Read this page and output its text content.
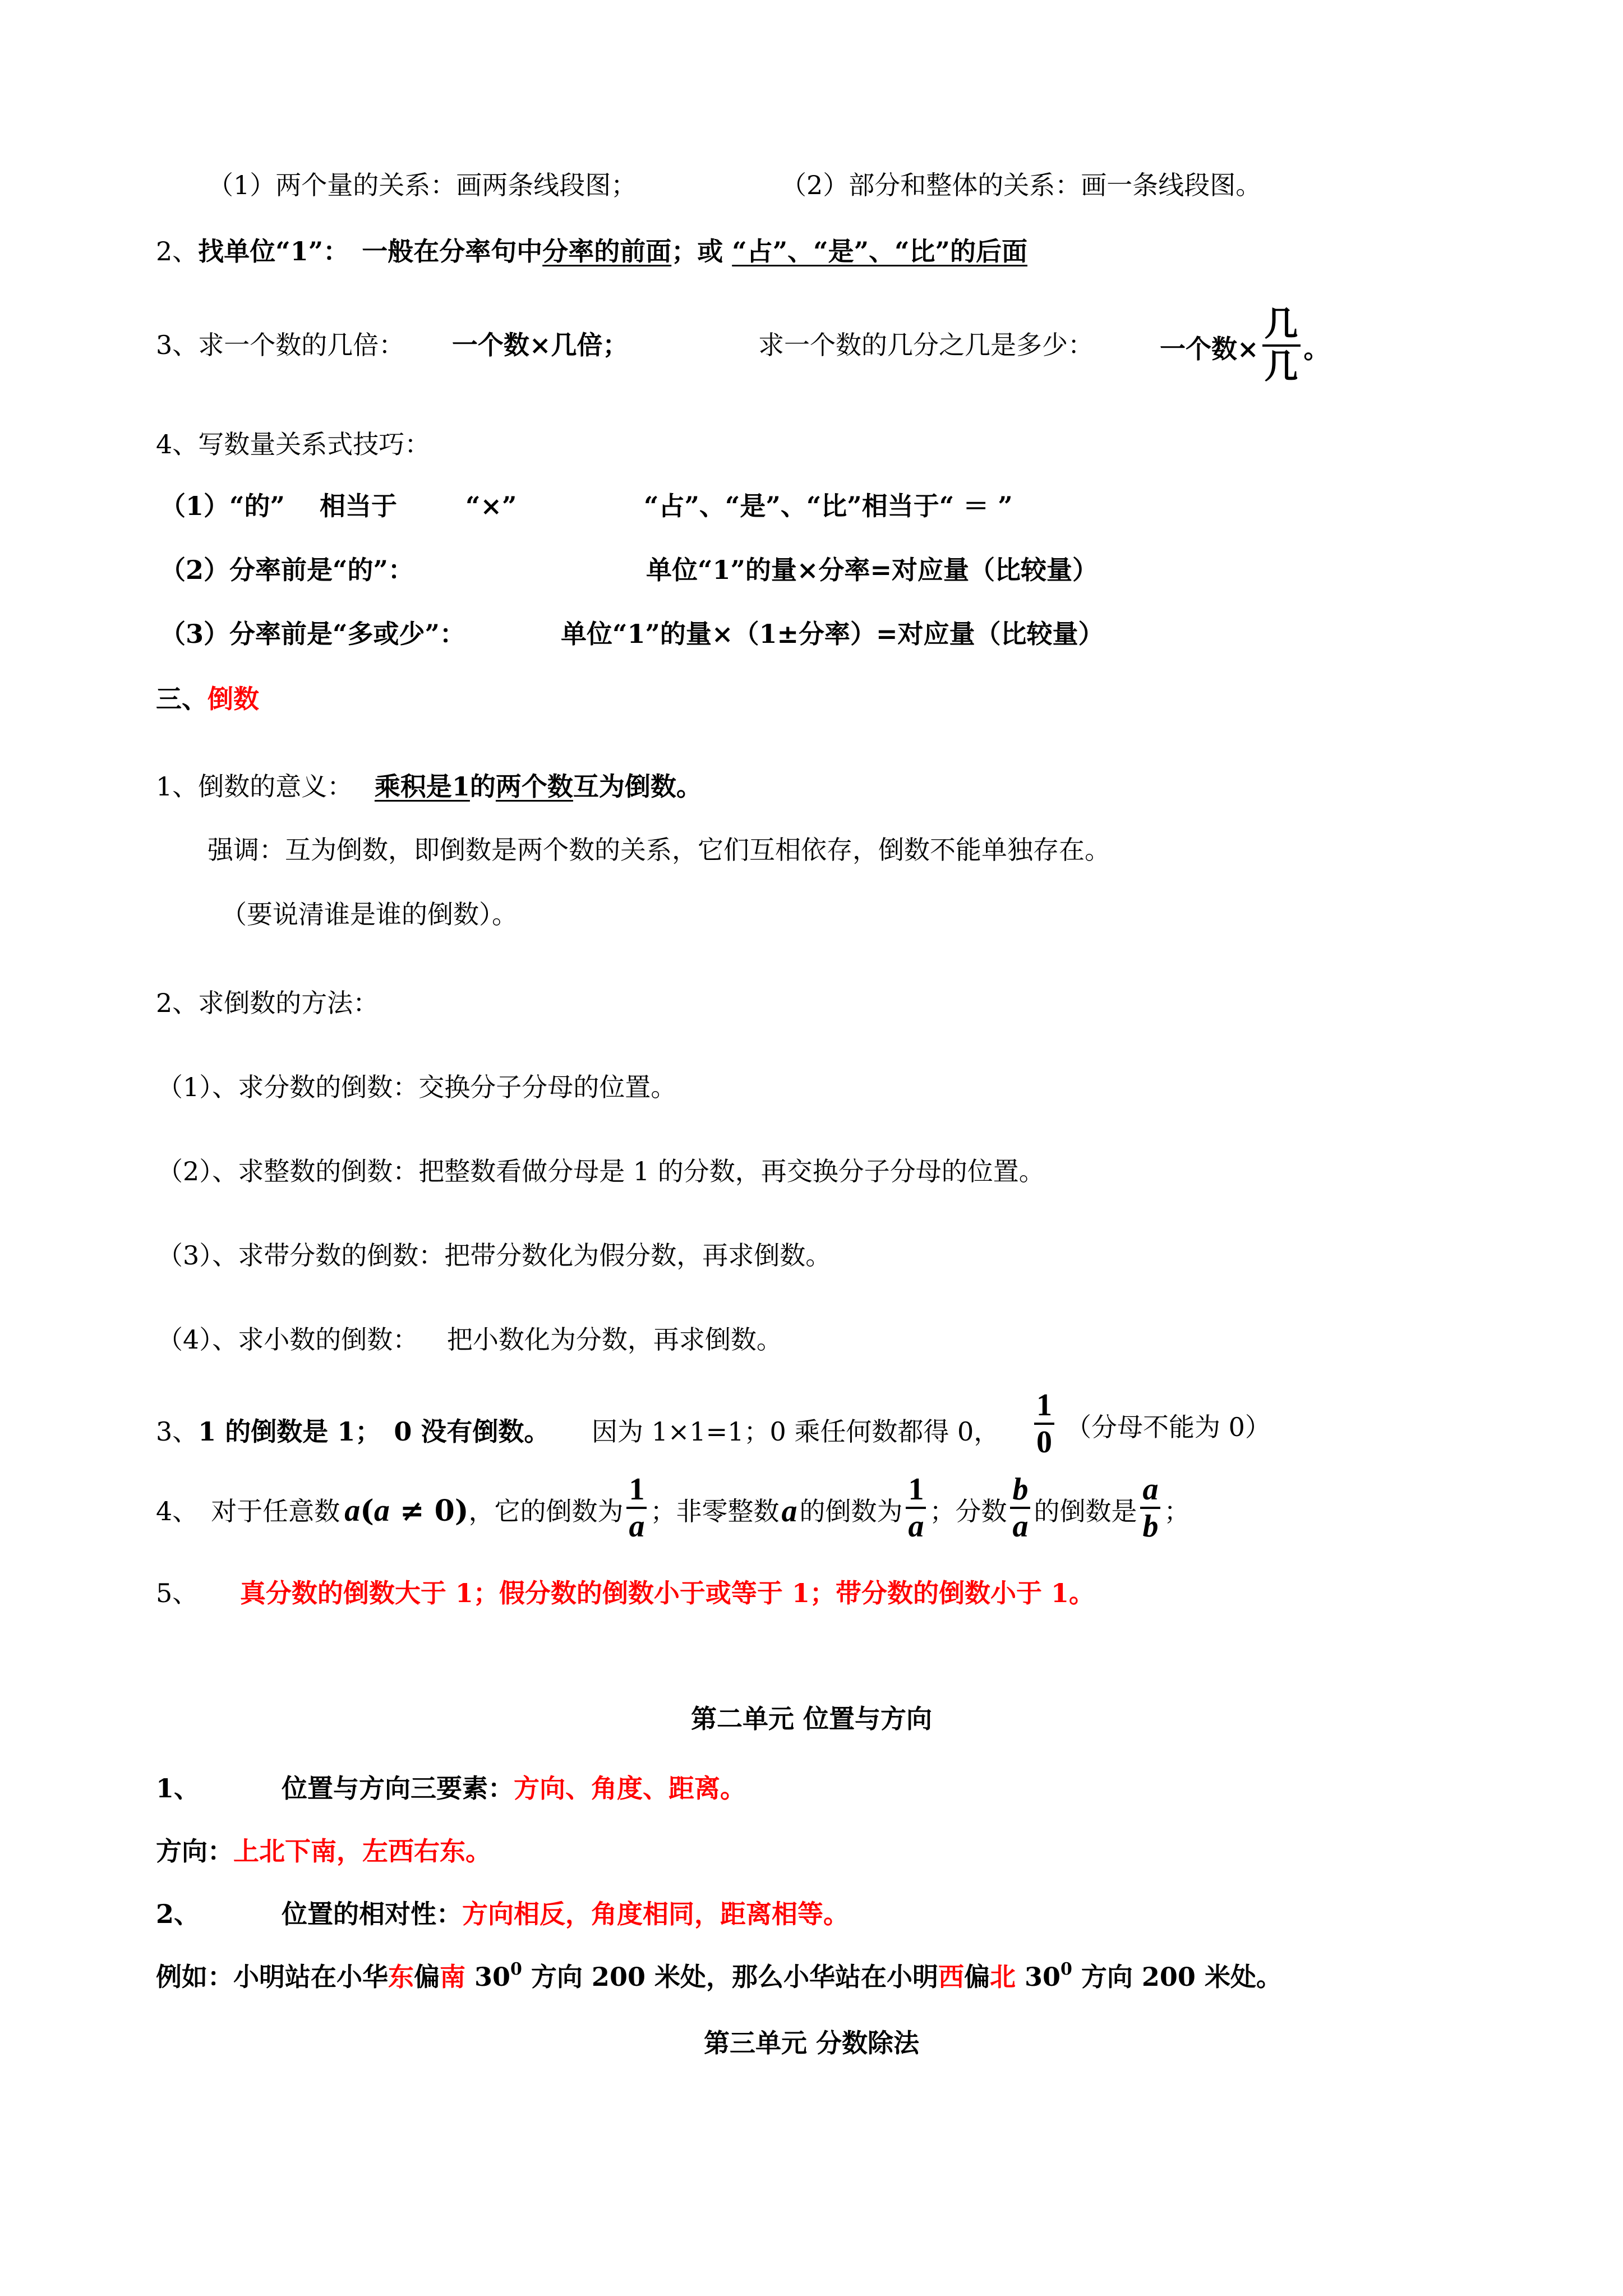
（1）两个量的关系：画两条线段图；	（2）部分和整体的关系：画一条线段图。
2、找单位“1”：　一般在分率句中分率的前面；或 “占”、“是”、“比”的后面
3、求一个数的几倍： 一个数×几倍；	求一个数的几分之几是多少：	一个数× $\frac{\text{几}}{\text{几}}$ 。
4、写数量关系式技巧：
（1）“的”　 相当于	“×”	“占”、“是”、“比”相当于“ ＝ ”
（2）分率前是“的”：	单位“1”的量×分率=对应量（比较量）
（3）分率前是“多或少”：	单位“1”的量×（1±分率）=对应量（比较量）
三、倒数
1、倒数的意义： 乘积是1的两个数互为倒数。
强调：互为倒数，即倒数是两个数的关系，它们互相依存，倒数不能单独存在。
（要说清谁是谁的倒数）。
2、求倒数的方法：
（1）、求分数的倒数：交换分子分母的位置。
（2）、求整数的倒数：把整数看做分母是 1 的分数，再交换分子分母的位置。
（3）、求带分数的倒数：把带分数化为假分数，再求倒数。
（4）、求小数的倒数： 把小数化为分数，再求倒数。
3、1 的倒数是 1；　0 没有倒数。 因为 1×1=1；0 乘任何数都得 0， $\frac{1}{0}$ （分母不能为 0）
4、　对于任意数 a(a ≠ 0)，它的倒数为 $\frac{1}{a}$ ；非零整数a的倒数为 $\frac{1}{a}$ ；分数 $\frac{b}{a}$ 的倒数是 $\frac{a}{b}$ ；
5、 真分数的倒数大于 1；假分数的倒数小于或等于 1；带分数的倒数小于 1。
第二单元 位置与方向
1、	位置与方向三要素：方向、角度、距离。
方向：上北下南，左西右东。
2、	位置的相对性：方向相反，角度相同，距离相等。
例如：小明站在小华东偏南 $30^0$ 方向 200 米处，那么小华站在小明西偏北 $30^0$ 方向 200 米处。
第三单元 分数除法
